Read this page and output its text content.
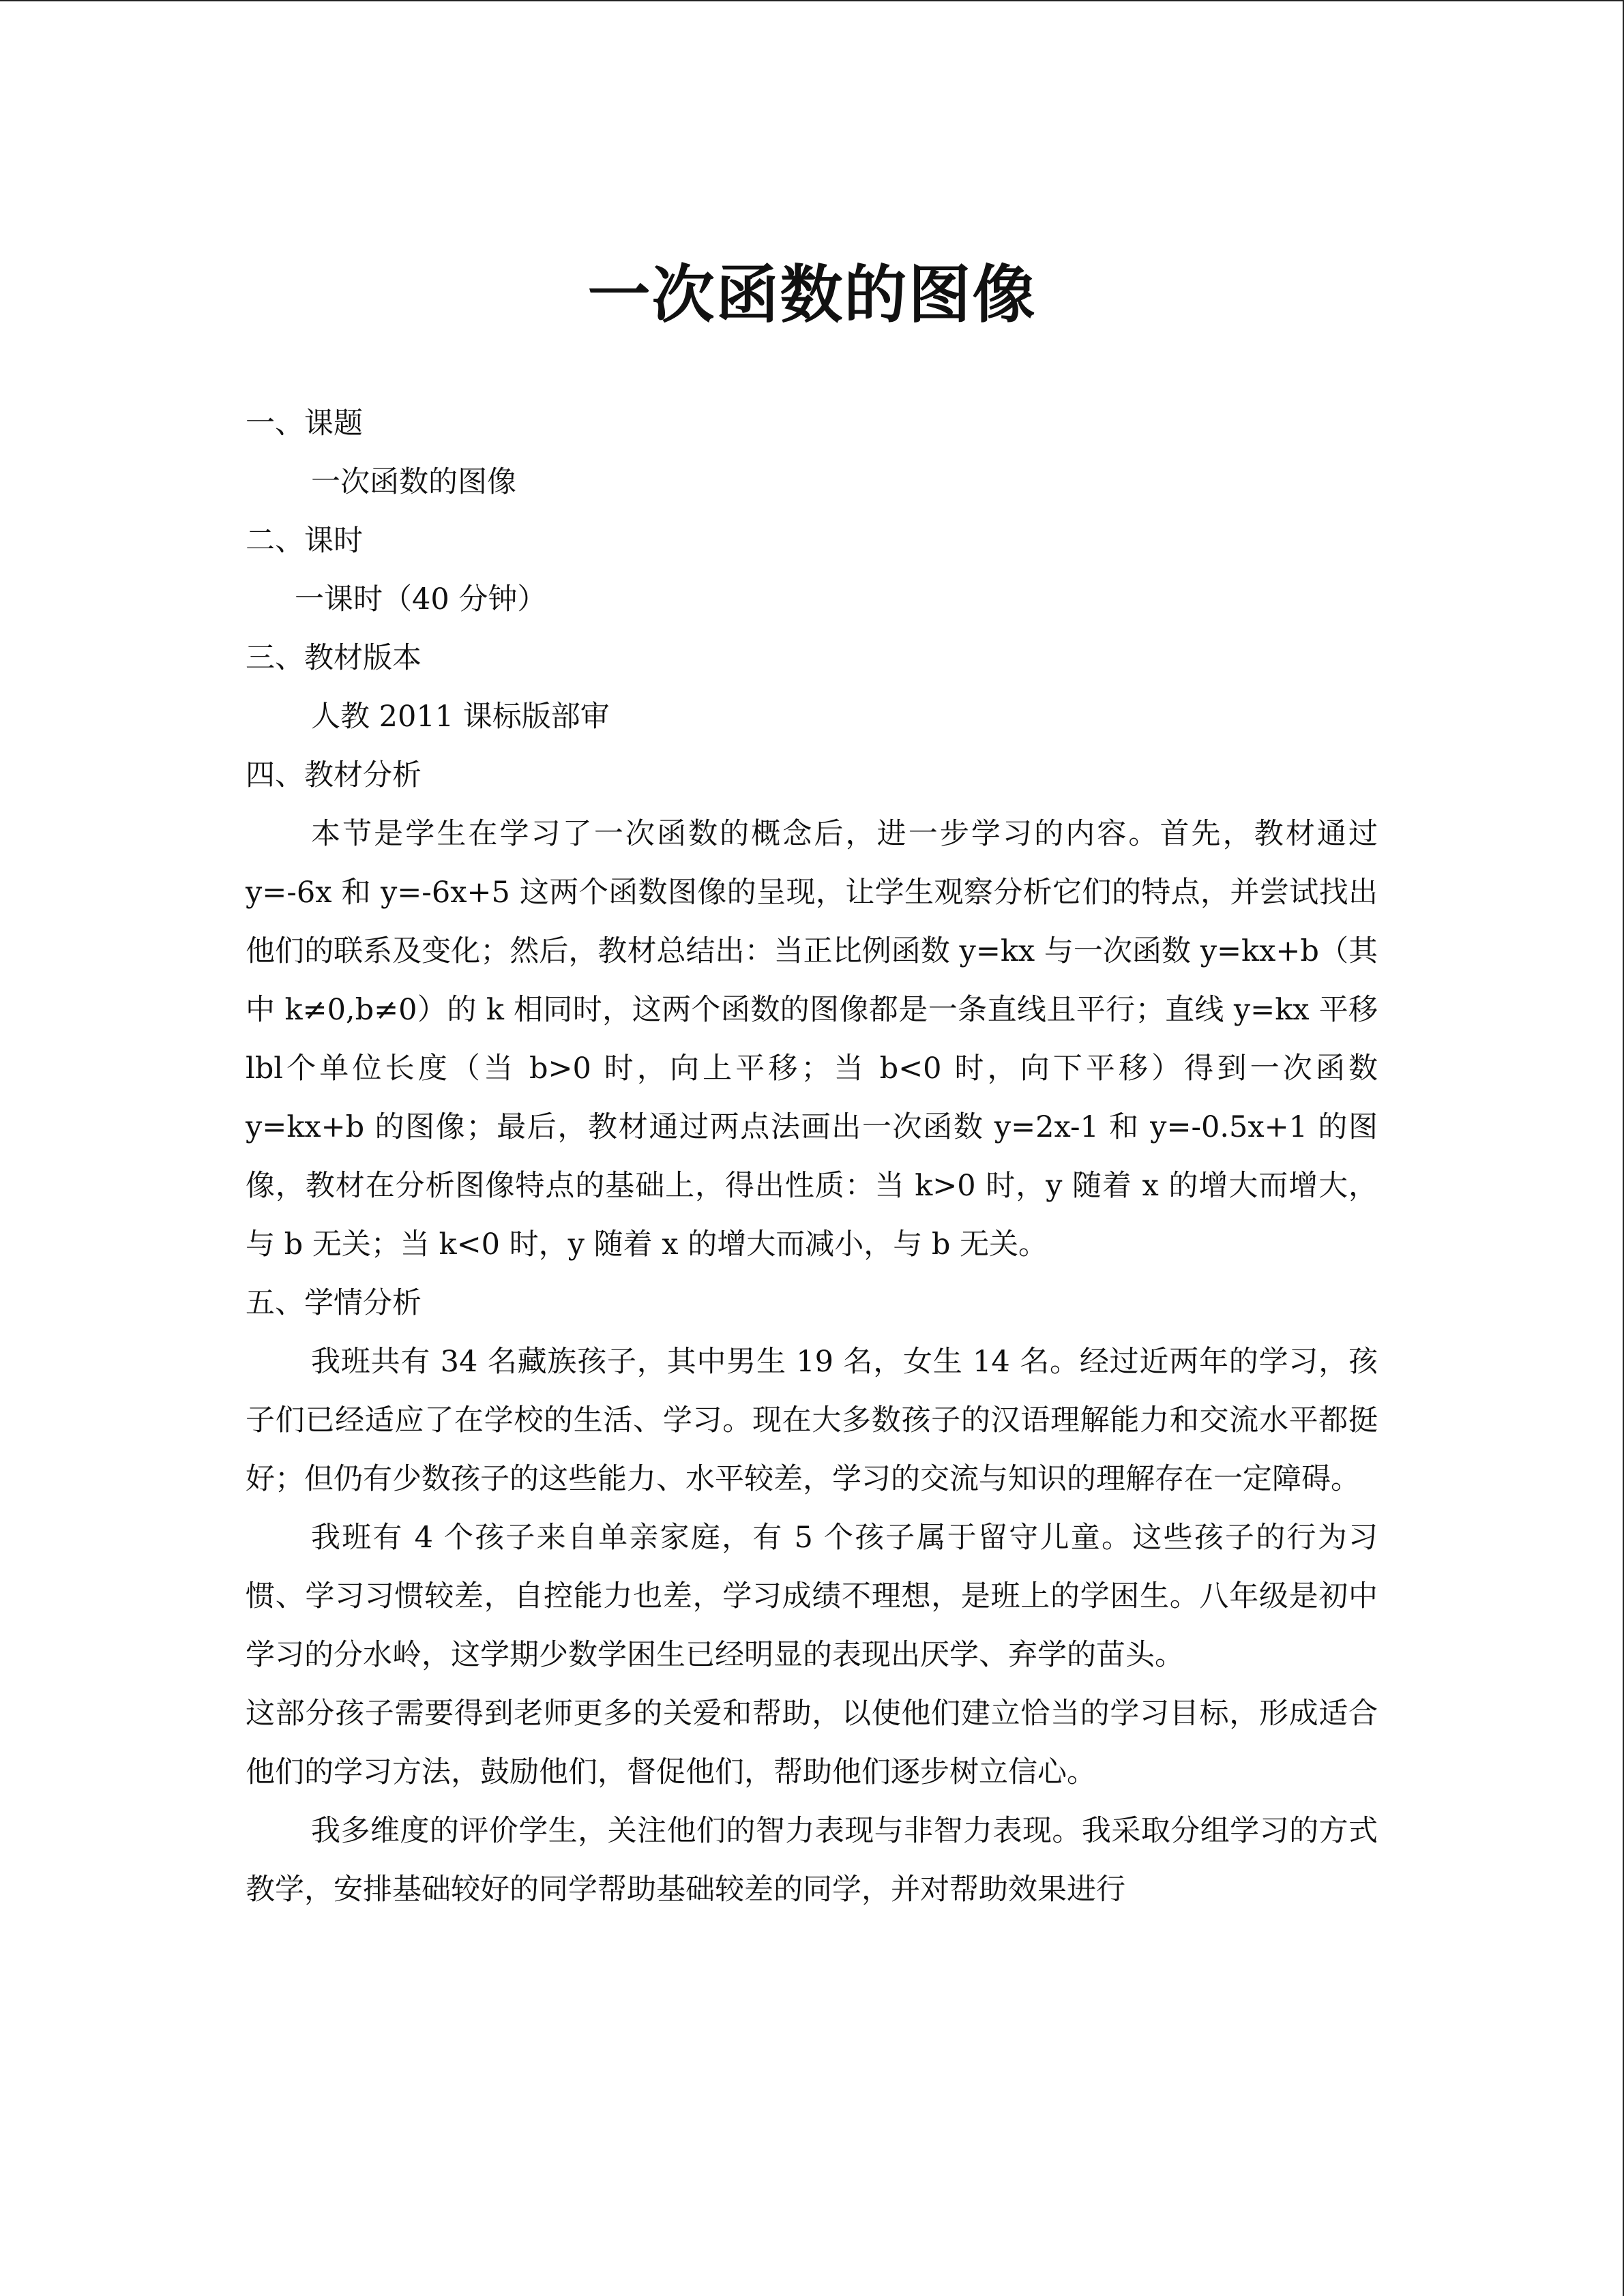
一次函数的图像

一、课题

一次函数的图像

二、课时

一课时（40 分钟）

三、教材版本

人教 2011 课标版部审

四、教材分析

本节是学生在学习了一次函数的概念后，进一步学习的内容。首先，教材通过 y=-6x 和 y=-6x+5 这两个函数图像的呈现，让学生观察分析它们的特点，并尝试找出他们的联系及变化；然后，教材总结出：当正比例函数 y=kx 与一次函数 y=kx+b（其中 k≠0,b≠0）的 k 相同时，这两个函数的图像都是一条直线且平行；直线 y=kx 平移lbl个单位长度（当 b>0 时，向上平移；当 b<0 时，向下平移）得到一次函数 y=kx+b 的图像；最后，教材通过两点法画出一次函数 y=2x-1 和 y=-0.5x+1 的图像，教材在分析图像特点的基础上，得出性质：当 k>0 时，y 随着 x 的增大而增大，与 b 无关；当 k<0 时，y 随着 x 的增大而减小，与 b 无关。

五、学情分析

我班共有 34 名藏族孩子，其中男生 19 名，女生 14 名。经过近两年的学习，孩子们已经适应了在学校的生活、学习。现在大多数孩子的汉语理解能力和交流水平都挺好；但仍有少数孩子的这些能力、水平较差，学习的交流与知识的理解存在一定障碍。

我班有 4 个孩子来自单亲家庭，有 5 个孩子属于留守儿童。这些孩子的行为习惯、学习习惯较差，自控能力也差，学习成绩不理想，是班上的学困生。八年级是初中学习的分水岭，这学期少数学困生已经明显的表现出厌学、弃学的苗头。

这部分孩子需要得到老师更多的关爱和帮助，以使他们建立恰当的学习目标，形成适合他们的学习方法，鼓励他们，督促他们，帮助他们逐步树立信心。

我多维度的评价学生，关注他们的智力表现与非智力表现。我采取分组学习的方式教学，安排基础较好的同学帮助基础较差的同学，并对帮助效果进行
